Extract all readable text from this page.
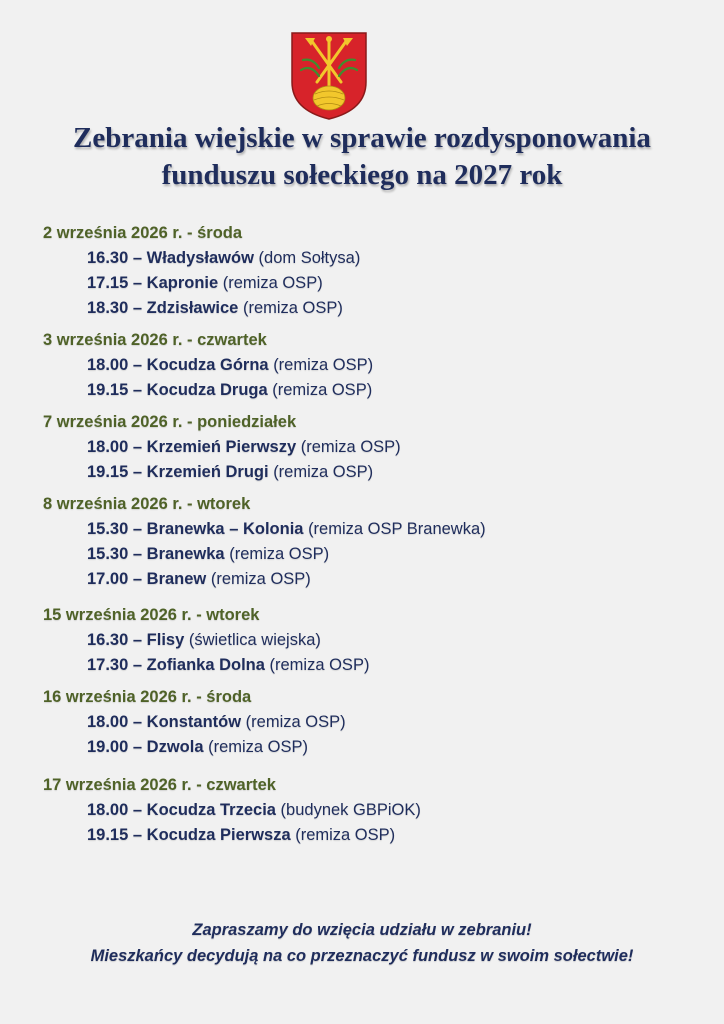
Zebrania wiejskie w sprawie rozdysponowania
funduszu sołeckiego na 2027 rok
2 września 2026 r. - środa
16.30 – Władysławów (dom Sołtysa)
17.15 – Kapronie (remiza OSP)
18.30 – Zdzisławice (remiza OSP)
3 września 2026 r. - czwartek
18.00 – Kocudza Górna (remiza OSP)
19.15 – Kocudza Druga (remiza OSP)
7 września 2026 r. - poniedziałek
18.00 – Krzemień Pierwszy (remiza OSP)
19.15 – Krzemień Drugi (remiza OSP)
8 września 2026 r. - wtorek
15.30 – Branewka – Kolonia (remiza OSP Branewka)
15.30 – Branewka (remiza OSP)
17.00 – Branew (remiza OSP)
15 września 2026 r. - wtorek
16.30 – Flisy (świetlica wiejska)
17.30 – Zofianka Dolna (remiza OSP)
16 września 2026 r. - środa
18.00 – Konstantów (remiza OSP)
19.00 – Dzwola (remiza OSP)
17 września 2026 r. - czwartek
18.00 – Kocudza Trzecia (budynek GBPiOK)
19.15 – Kocudza Pierwsza (remiza OSP)
Zapraszamy do wzięcia udziału w zebraniu!
Mieszkańcy decydują na co przeznaczyć fundusz w swoim sołectwie!
